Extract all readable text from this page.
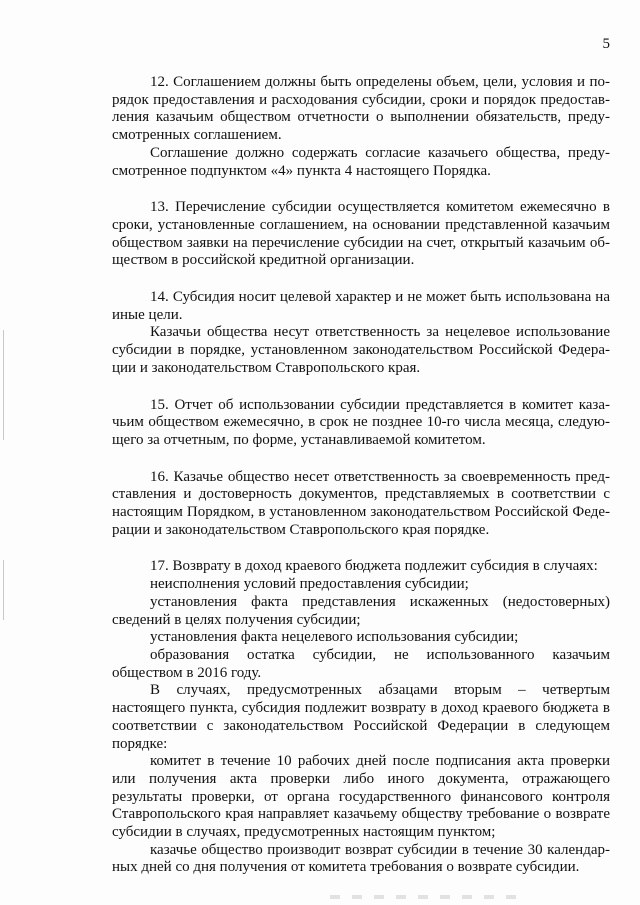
5

12. Соглашением должны быть определены объем, цели, условия и порядок предоставления и расходования субсидии, сроки и порядок предоставления казачьим обществом отчетности о выполнении обязательств, предусмотренных соглашением.

Соглашение должно содержать согласие казачьего общества, предусмотренное подпунктом «4» пункта 4 настоящего Порядка.

13. Перечисление субсидии осуществляется комитетом ежемесячно в сроки, установленные соглашением, на основании представленной казачьим обществом заявки на перечисление субсидии на счет, открытый казачьим обществом в российской кредитной организации.

14. Субсидия носит целевой характер и не может быть использована на иные цели.

Казачьи общества несут ответственность за нецелевое использование субсидии в порядке, установленном законодательством Российской Федерации и законодательством Ставропольского края.

15. Отчет об использовании субсидии представляется в комитет казачьим обществом ежемесячно, в срок не позднее 10-го числа месяца, следующего за отчетным, по форме, устанавливаемой комитетом.

16. Казачье общество несет ответственность за своевременность представления и достоверность документов, представляемых в соответствии с настоящим Порядком, в установленном законодательством Российской Федерации и законодательством Ставропольского края порядке.

17. Возврату в доход краевого бюджета подлежит субсидия в случаях:

неисполнения условий предоставления субсидии;

установления факта представления искаженных (недостоверных) сведений в целях получения субсидии;

установления факта нецелевого использования субсидии;

образования остатка субсидии, не использованного казачьим обществом в 2016 году.

В случаях, предусмотренных абзацами вторым – четвертым настоящего пункта, субсидия подлежит возврату в доход краевого бюджета в соответствии с законодательством Российской Федерации в следующем порядке:

комитет в течение 10 рабочих дней после подписания акта проверки или получения акта проверки либо иного документа, отражающего результаты проверки, от органа государственного финансового контроля Ставропольского края направляет казачьему обществу требование о возврате субсидии в случаях, предусмотренных настоящим пунктом;

казачье общество производит возврат субсидии в течение 30 календарных дней со дня получения от комитета требования о возврате субсидии.
